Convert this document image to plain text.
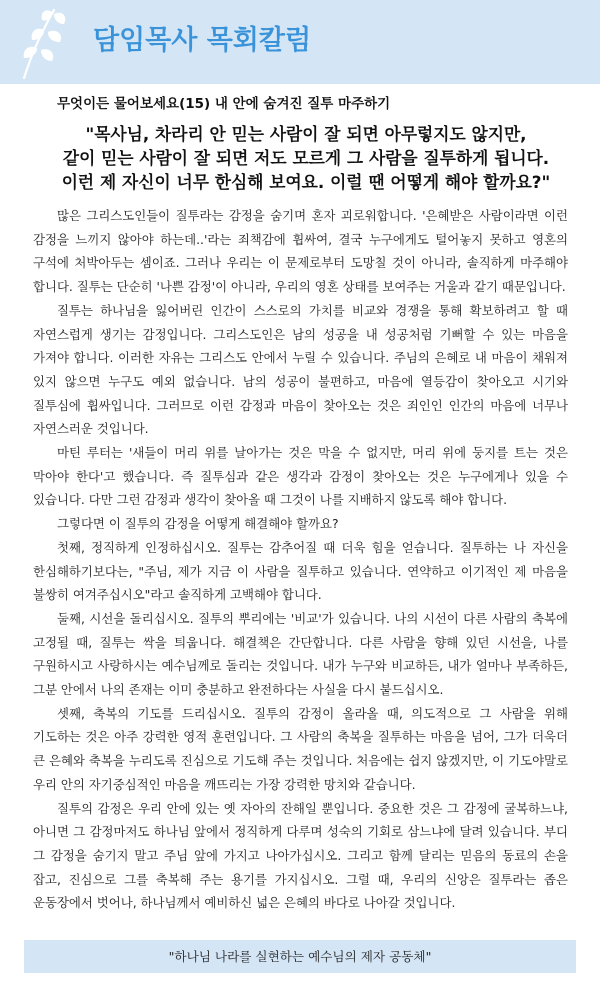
담임목사 목회칼럼
무엇이든 물어보세요(15) 내 안에 숨겨진 질투 마주하기
"목사님, 차라리 안 믿는 사람이 잘 되면 아무렇지도 않지만,
같이 믿는 사람이 잘 되면 저도 모르게 그 사람을 질투하게 됩니다.
이런 제 자신이 너무 한심해 보여요. 이럴 땐 어떻게 해야 할까요?"

많은 그리스도인들이 질투라는 감정을 숨기며 혼자 괴로워합니다. '은혜받은 사람이라면 이런 감정을 느끼지 않아야 하는데..'라는 죄책감에 휩싸여, 결국 누구에게도 털어놓지 못하고 영혼의 구석에 처박아두는 셈이죠. 그러나 우리는 이 문제로부터 도망칠 것이 아니라, 솔직하게 마주해야 합니다. 질투는 단순히 '나쁜 감정'이 아니라, 우리의 영혼 상태를 보여주는 거울과 같기 때문입니다.

질투는 하나님을 잃어버린 인간이 스스로의 가치를 비교와 경쟁을 통해 확보하려고 할 때 자연스럽게 생기는 감정입니다. 그리스도인은 남의 성공을 내 성공처럼 기뻐할 수 있는 마음을 가져야 합니다. 이러한 자유는 그리스도 안에서 누릴 수 있습니다. 주님의 은혜로 내 마음이 채워져 있지 않으면 누구도 예외 없습니다. 남의 성공이 불편하고, 마음에 열등감이 찾아오고 시기와 질투심에 휩싸입니다. 그러므로 이런 감정과 마음이 찾아오는 것은 죄인인 인간의 마음에 너무나 자연스러운 것입니다.

마틴 루터는 '새들이 머리 위를 날아가는 것은 막을 수 없지만, 머리 위에 둥지를 트는 것은 막아야 한다'고 했습니다. 즉 질투심과 같은 생각과 감정이 찾아오는 것은 누구에게나 있을 수 있습니다. 다만 그런 감정과 생각이 찾아올 때 그것이 나를 지배하지 않도록 해야 합니다.

그렇다면 이 질투의 감정을 어떻게 해결해야 할까요?

첫째, 정직하게 인정하십시오. 질투는 감추어질 때 더욱 힘을 얻습니다. 질투하는 나 자신을 한심해하기보다는, "주님, 제가 지금 이 사람을 질투하고 있습니다. 연약하고 이기적인 제 마음을 불쌍히 여겨주십시오"라고 솔직하게 고백해야 합니다.

둘째, 시선을 돌리십시오. 질투의 뿌리에는 '비교'가 있습니다. 나의 시선이 다른 사람의 축복에 고정될 때, 질투는 싹을 틔웁니다. 해결책은 간단합니다. 다른 사람을 향해 있던 시선을, 나를 구원하시고 사랑하시는 예수님께로 돌리는 것입니다. 내가 누구와 비교하든, 내가 얼마나 부족하든, 그분 안에서 나의 존재는 이미 충분하고 완전하다는 사실을 다시 붙드십시오.

셋째, 축복의 기도를 드리십시오. 질투의 감정이 올라올 때, 의도적으로 그 사람을 위해 기도하는 것은 아주 강력한 영적 훈련입니다. 그 사람의 축복을 질투하는 마음을 넘어, 그가 더욱더 큰 은혜와 축복을 누리도록 진심으로 기도해 주는 것입니다. 처음에는 쉽지 않겠지만, 이 기도야말로 우리 안의 자기중심적인 마음을 깨뜨리는 가장 강력한 망치와 같습니다.

질투의 감정은 우리 안에 있는 옛 자아의 잔해일 뿐입니다. 중요한 것은 그 감정에 굴복하느냐, 아니면 그 감정마저도 하나님 앞에서 정직하게 다루며 성숙의 기회로 삼느냐에 달려 있습니다. 부디 그 감정을 숨기지 말고 주님 앞에 가지고 나아가십시오. 그리고 함께 달리는 믿음의 동료의 손을 잡고, 진심으로 그를 축복해 주는 용기를 가지십시오. 그럴 때, 우리의 신앙은 질투라는 좁은 운동장에서 벗어나, 하나님께서 예비하신 넓은 은혜의 바다로 나아갈 것입니다.

"하나님 나라를 실현하는 예수님의 제자 공동체"
